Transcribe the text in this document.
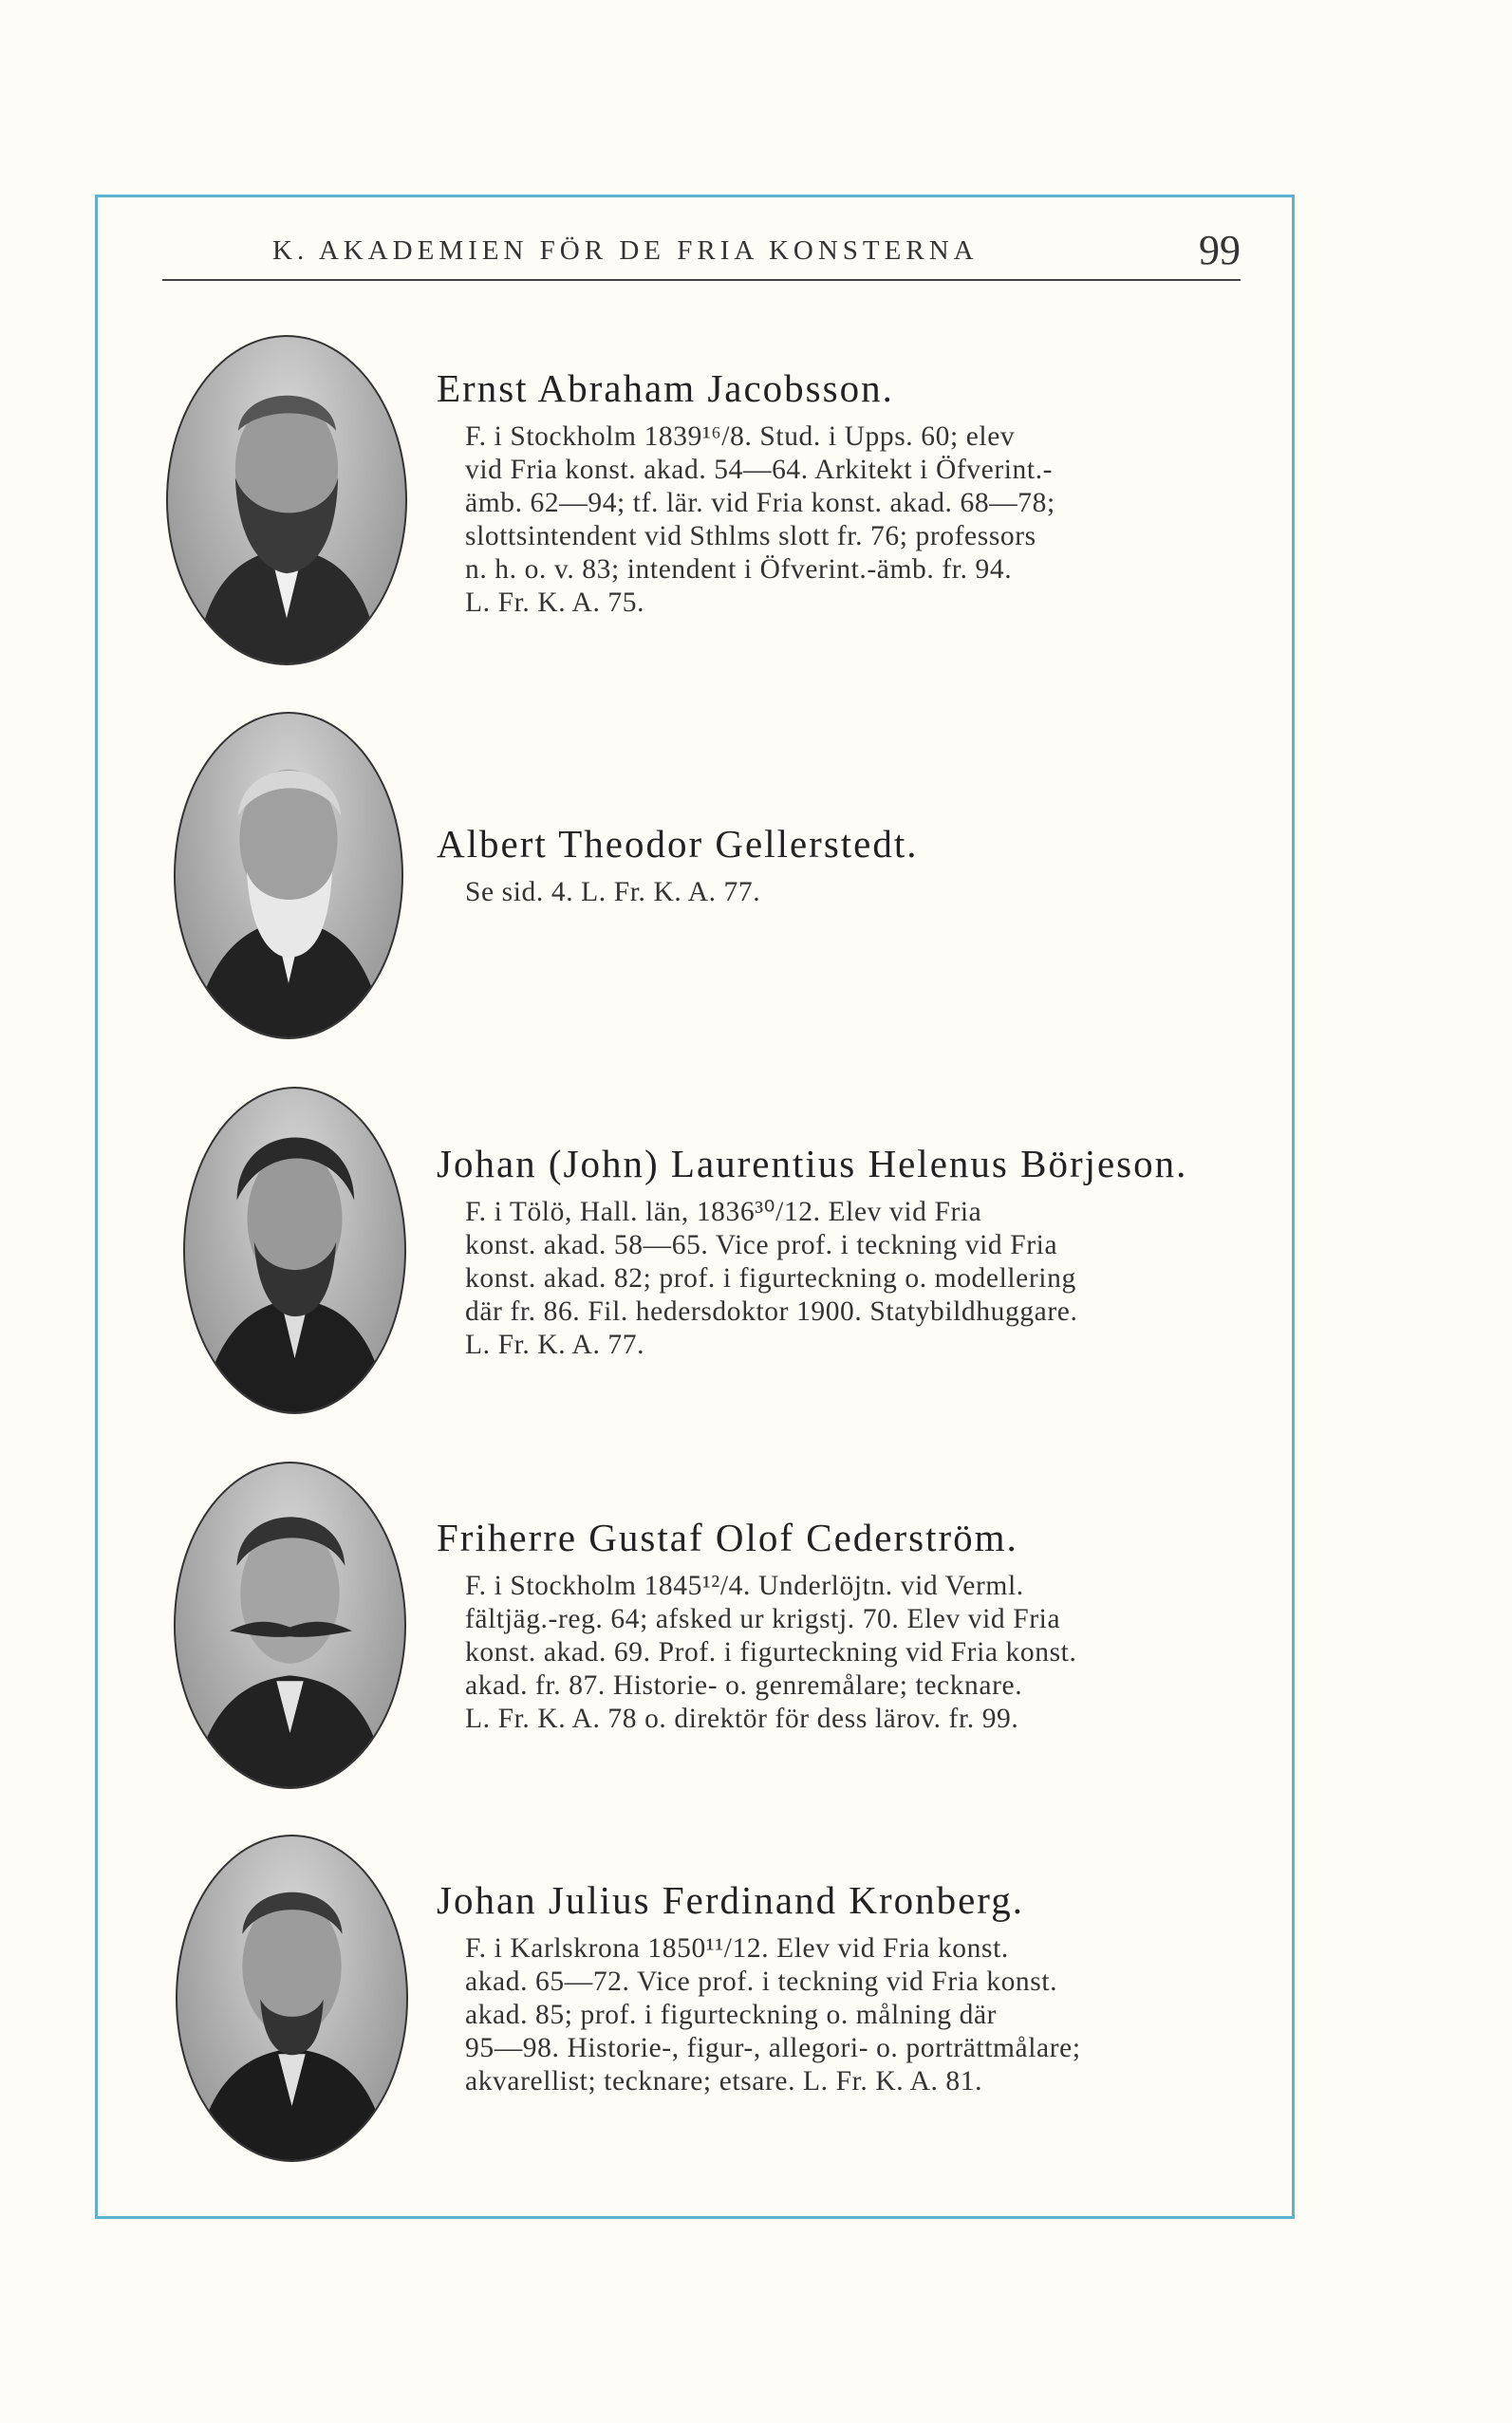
K. AKADEMIEN FÖR DE FRIA KONSTERNA	99
Ernst Abraham Jacobsson.
F. i Stockholm 1839¹⁶/8. Stud. i Upps. 60; elev
vid Fria konst. akad. 54—64. Arkitekt i Öfverint.-
ämb. 62—94; tf. lär. vid Fria konst. akad. 68—78;
slottsintendent vid Sthlms slott fr. 76; professors
n. h. o. v. 83; intendent i Öfverint.-ämb. fr. 94.
L. Fr. K. A. 75.
Albert Theodor Gellerstedt.
Se sid. 4. L. Fr. K. A. 77.
Johan (John) Laurentius Helenus Börjeson.
F. i Tölö, Hall. län, 1836³⁰/12. Elev vid Fria
konst. akad. 58—65. Vice prof. i teckning vid Fria
konst. akad. 82; prof. i figurteckning o. modellering
där fr. 86. Fil. hedersdoktor 1900. Statybildhuggare.
L. Fr. K. A. 77.
Friherre Gustaf Olof Cederström.
F. i Stockholm 1845¹²/4. Underlöjtn. vid Verml.
fältjäg.-reg. 64; afsked ur krigstj. 70. Elev vid Fria
konst. akad. 69. Prof. i figurteckning vid Fria konst.
akad. fr. 87. Historie- o. genremålare; tecknare.
L. Fr. K. A. 78 o. direktör för dess lärov. fr. 99.
Johan Julius Ferdinand Kronberg.
F. i Karlskrona 1850¹¹/12. Elev vid Fria konst.
akad. 65—72. Vice prof. i teckning vid Fria konst.
akad. 85; prof. i figurteckning o. målning där
95—98. Historie-, figur-, allegori- o. porträttmålare;
akvarellist; tecknare; etsare. L. Fr. K. A. 81.
